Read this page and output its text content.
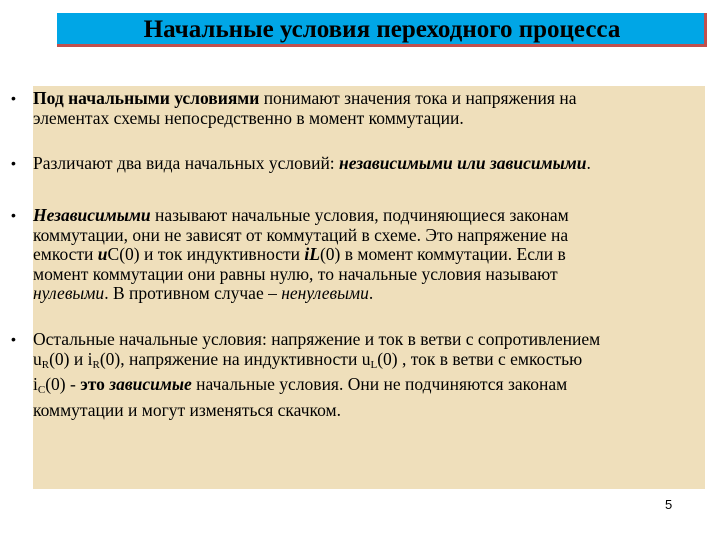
Начальные условия переходного процесса
• Под начальными условиями понимают значения тока и напряжения на
элементах схемы непосредственно в момент коммутации.
• Различают два вида начальных условий: независимыми или зависимыми.
• Независимыми называют начальные условия, подчиняющиеся законам
коммутации, они не зависят от коммутаций в схеме. Это напряжение на
емкости uC(0) и ток индуктивности iL(0) в момент коммутации. Если в
момент коммутации они равны нулю, то начальные условия называют
нулевыми. В противном случае – ненулевыми.
• Остальные начальные условия: напряжение и ток в ветви с сопротивлением
$u_R(0)$ и $i_R(0)$, напряжение на индуктивности $u_L(0)$ , ток в ветви с емкостью
$i_C(0)$ - это зависимые начальные условия. Они не подчиняются законам
коммутации и могут изменяться скачком.
5
